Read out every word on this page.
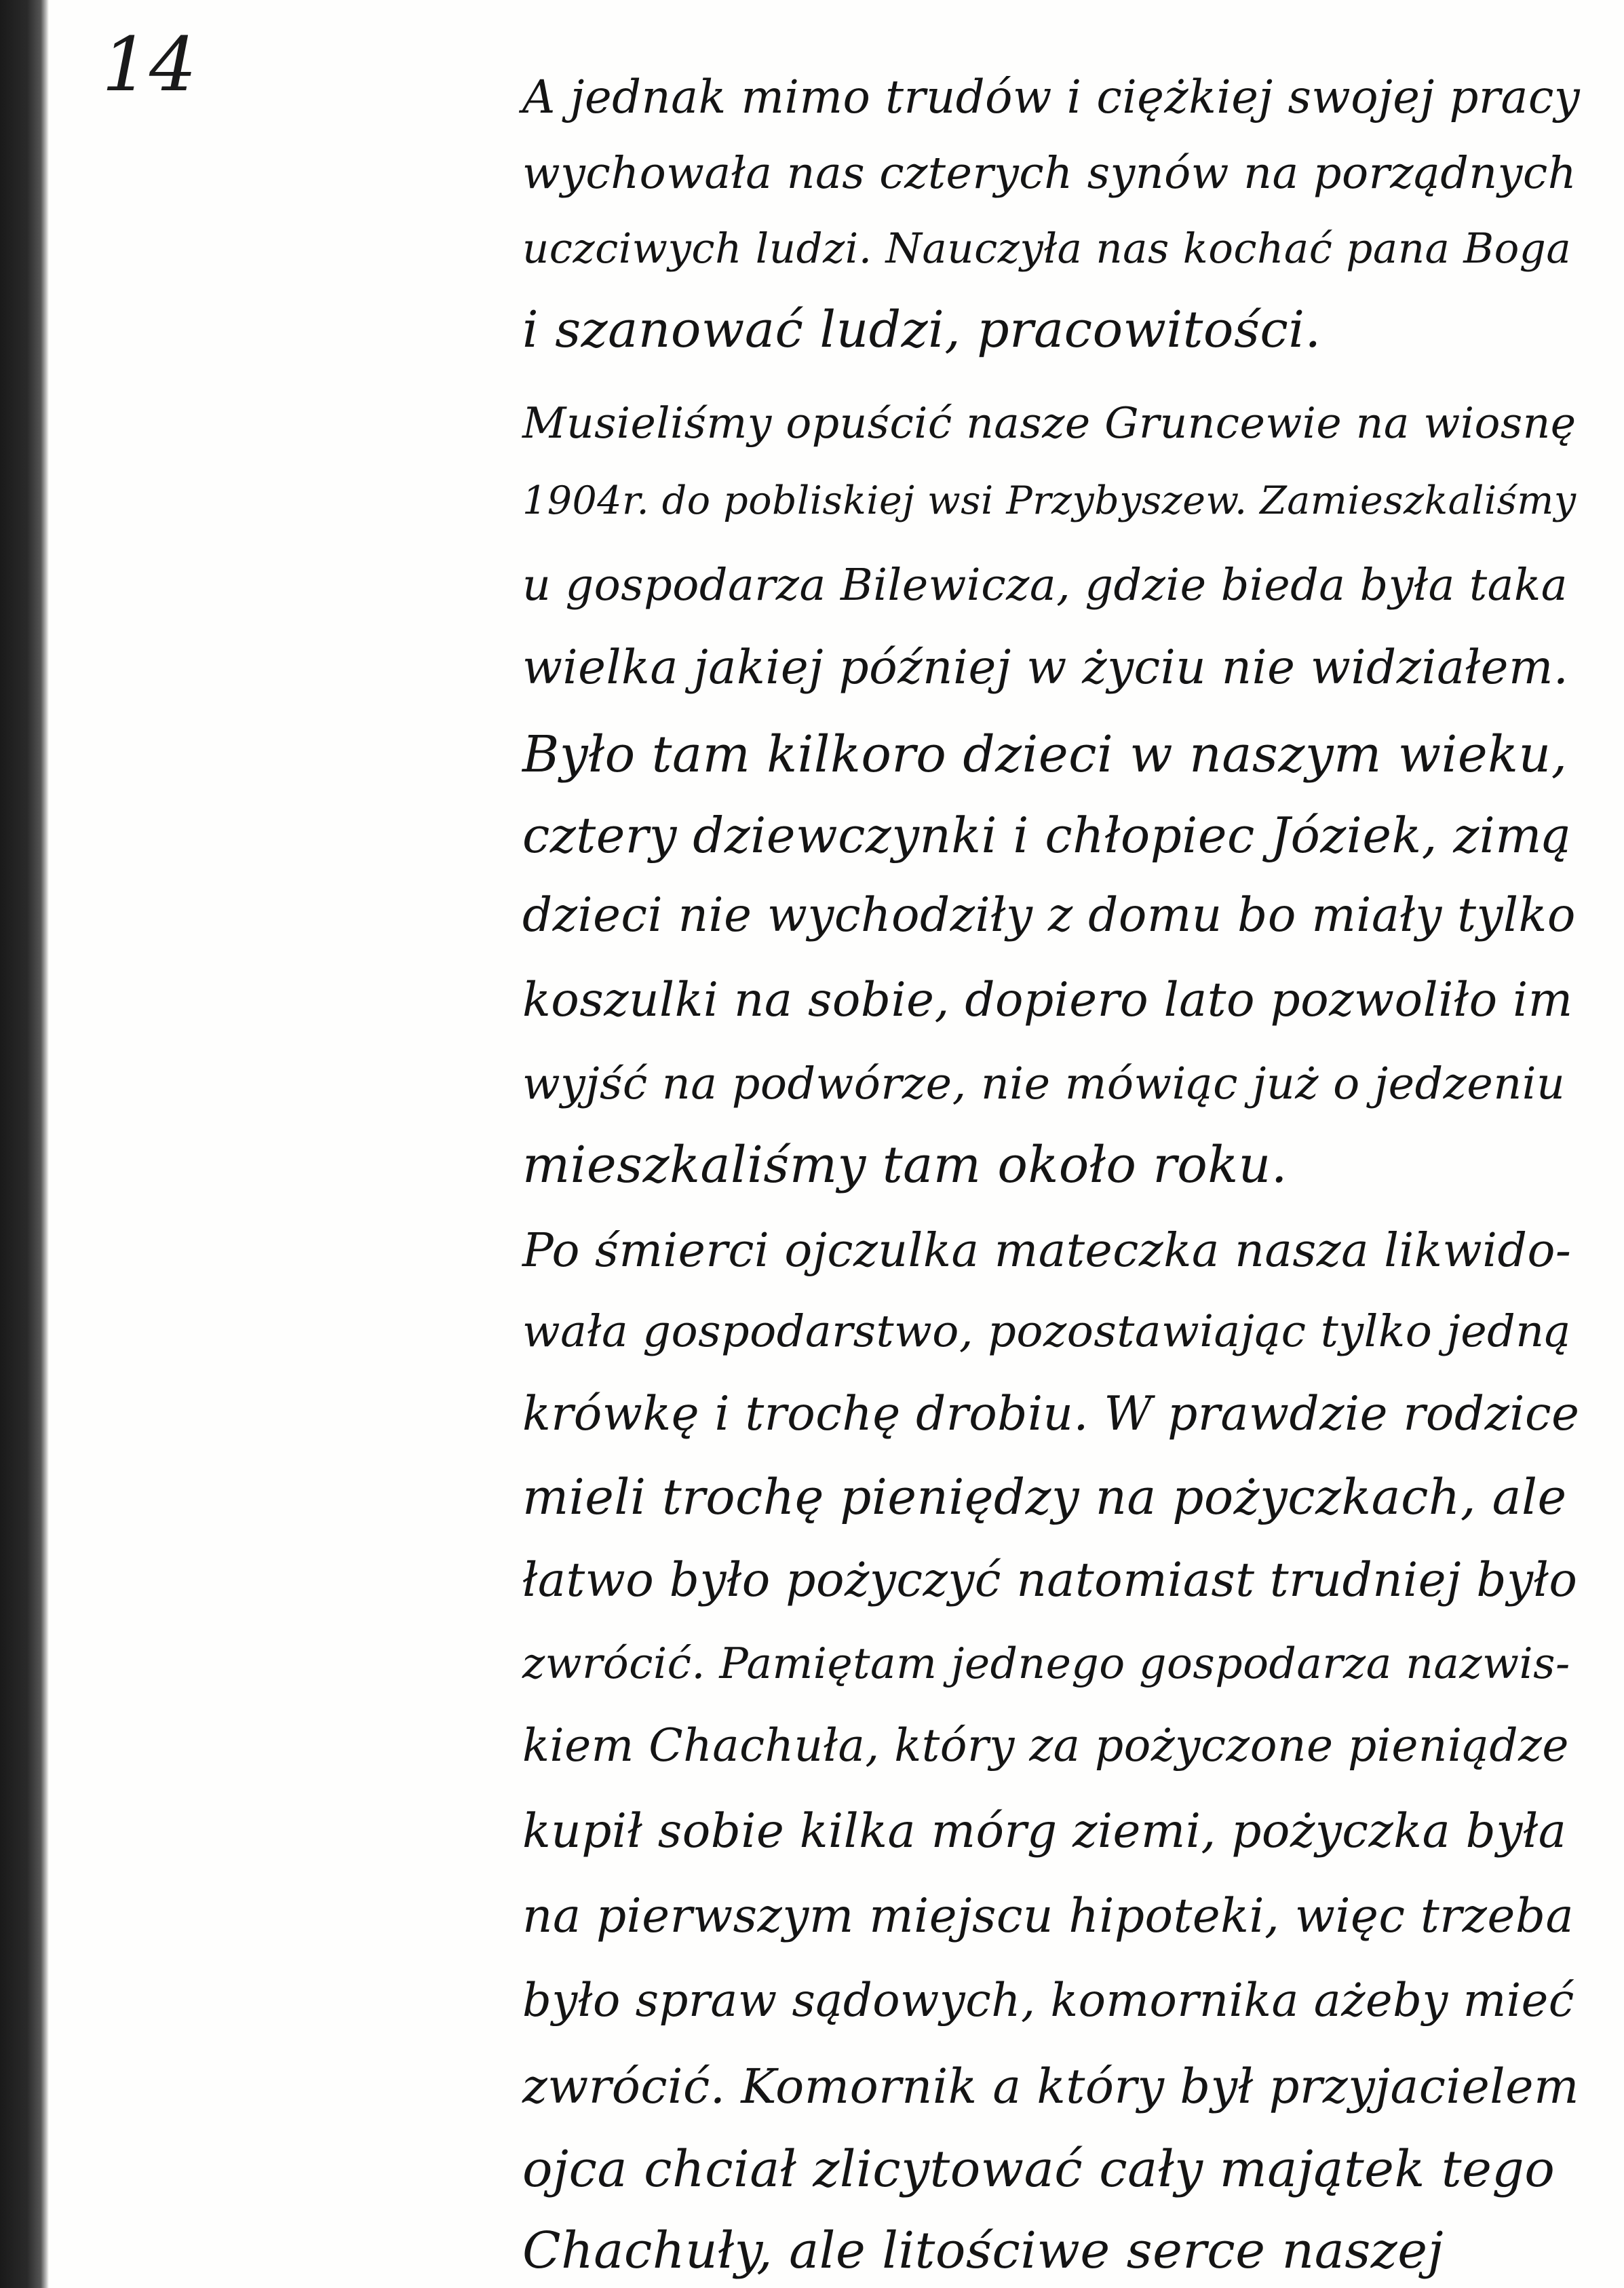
14	A jednak mimo trudów i ciężkiej swojej pracy
wychowała nas czterych synów na porządnych
uczciwych ludzi. Nauczyła nas kochać pana Boga
i szanować ludzi, pracowitości.
Musieliśmy opuścić nasze Gruncewie na wiosnę
1904r. do pobliskiej wsi Przybyszew. Zamieszkaliśmy
u gospodarza Bilewicza, gdzie bieda była taka
wielka jakiej później w życiu nie widziałem.
Było tam kilkoro dzieci w naszym wieku,
cztery dziewczynki i chłopiec Józiek, zimą
dzieci nie wychodziły z domu bo miały tylko
koszulki na sobie, dopiero lato pozwoliło im
wyjść na podwórze, nie mówiąc już o jedzeniu
mieszkaliśmy tam około roku.
Po śmierci ojczulka mateczka nasza likwido-
wała gospodarstwo, pozostawiając tylko jedną
krówkę i trochę drobiu. W prawdzie rodzice
mieli trochę pieniędzy na pożyczkach, ale
łatwo było pożyczyć natomiast trudniej było
zwrócić. Pamiętam jednego gospodarza nazwis-
kiem Chachuła, który za pożyczone pieniądze
kupił sobie kilka mórg ziemi, pożyczka była
na pierwszym miejscu hipoteki, więc trzeba
było spraw sądowych, komornika ażeby mieć
zwrócić. Komornik a który był przyjacielem
ojca chciał zlicytować cały majątek tego
Chachuły, ale litościwe serce naszej
